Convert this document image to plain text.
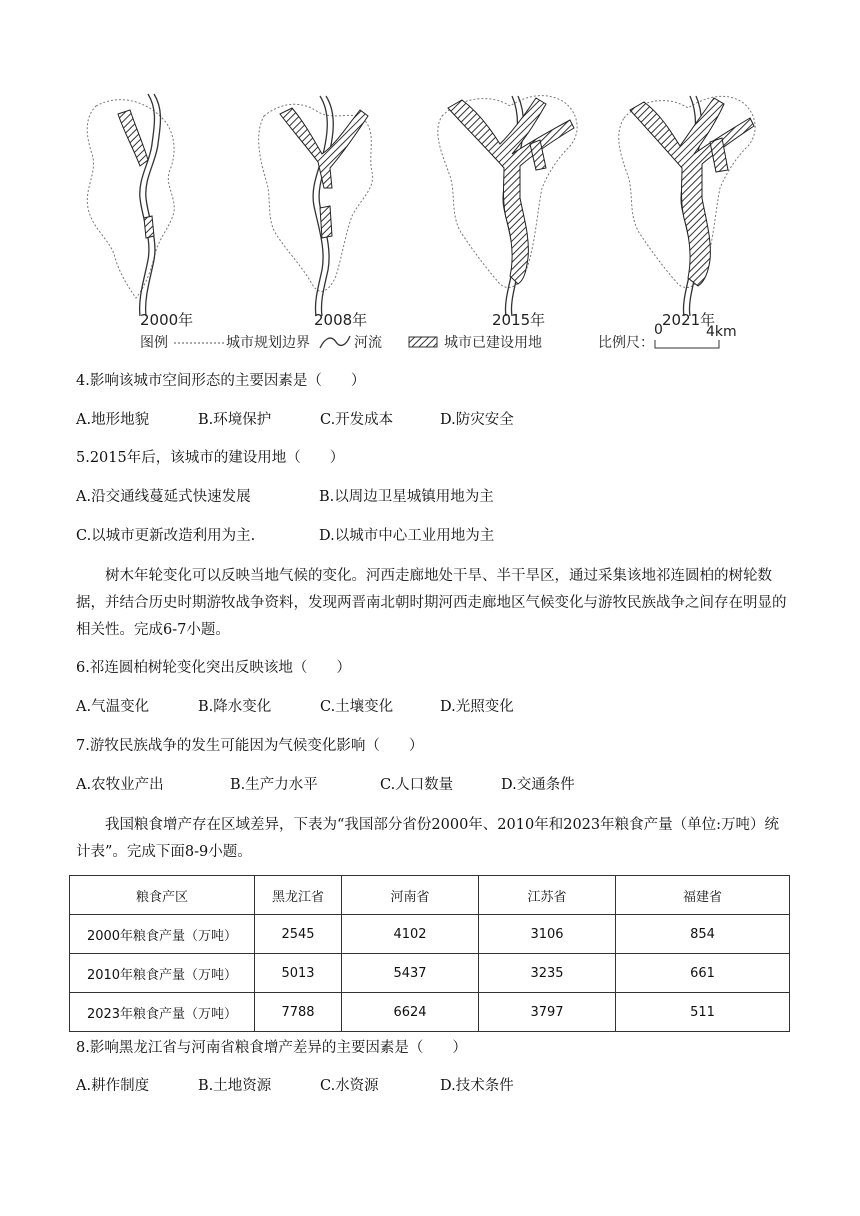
2000年	2008年	2015年	2021年
图例	城市规划边界	河流	城市已建设用地	比例尺：
0	4km
4.影响该城市空间形态的主要因素是（　　）
A.地形地貌	B.环境保护	C.开发成本	D.防灾安全
5.2015年后，该城市的建设用地（　　）
A.沿交通线蔓延式快速发展	B.以周边卫星城镇用地为主
C.以城市更新改造利用为主.	D.以城市中心工业用地为主
树木年轮变化可以反映当地气候的变化。河西走廊地处干旱、半干旱区，通过采集该地祁连圆柏的树轮数据，并结合历史时期游牧战争资料，发现两晋南北朝时期河西走廊地区气候变化与游牧民族战争之间存在明显的相关性。完成6-7小题。
6.祁连圆柏树轮变化突出反映该地（　　）
A.气温变化	B.降水变化	C.土壤变化	D.光照变化
7.游牧民族战争的发生可能因为气候变化影响（　　）
A.农牧业产出	B.生产力水平	C.人口数量	D.交通条件
我国粮食增产存在区域差异，下表为“我国部分省份2000年、2010年和2023年粮食产量（单位:万吨）统计表”。完成下面8-9小题。
粮食产区	黑龙江省	河南省	江苏省	福建省
2000年粮食产量（万吨）	2545	4102	3106	854
2010年粮食产量（万吨）	5013	5437	3235	661
2023年粮食产量（万吨）	7788	6624	3797	511
8.影响黑龙江省与河南省粮食增产差异的主要因素是（　　）
A.耕作制度	B.土地资源	C.水资源	D.技术条件
